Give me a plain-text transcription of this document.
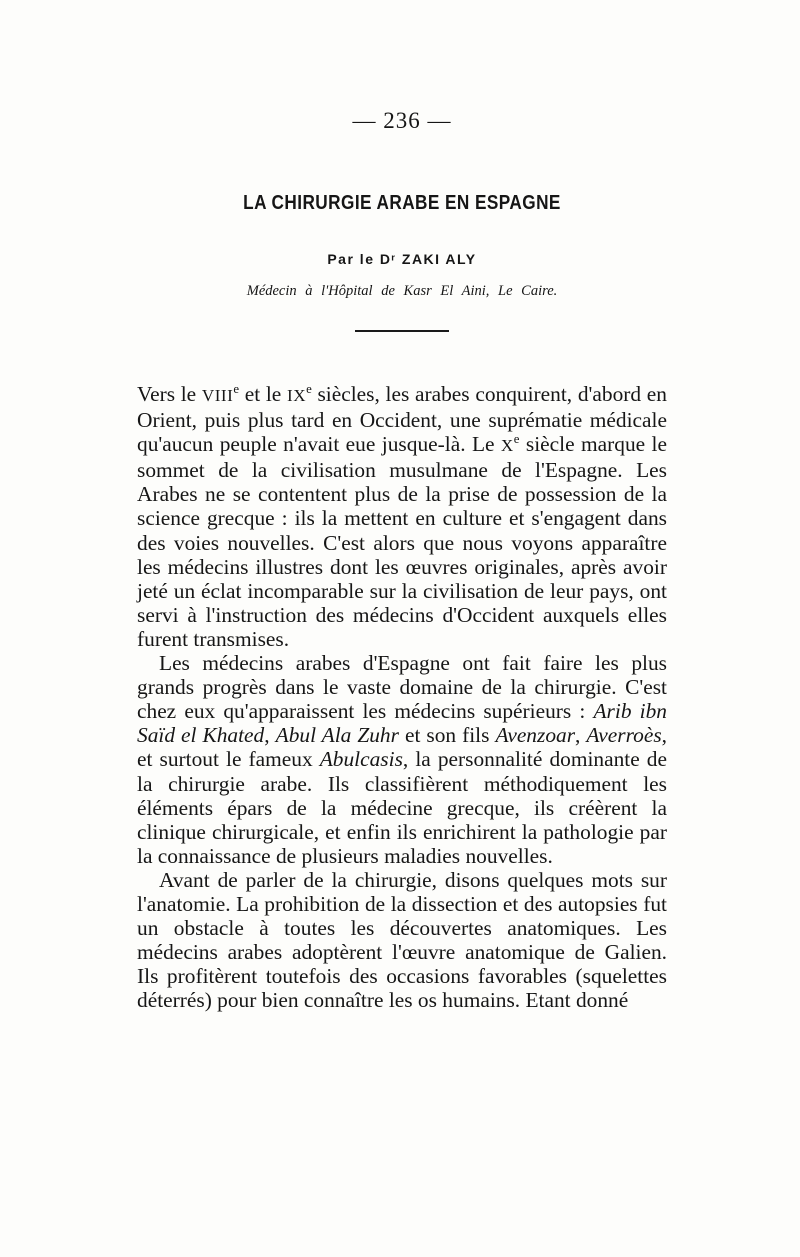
— 236 —
LA CHIRURGIE ARABE EN ESPAGNE
Par le Dʳ ZAKI ALY
Médecin à l'Hôpital de Kasr El Aini, Le Caire.

Vers le VIIIe et le IXe siècles, les arabes conquirent, d'abord en Orient, puis plus tard en Occident, une suprématie médicale qu'aucun peuple n'avait eue jusque-là. Le Xe siècle marque le sommet de la civilisation musulmane de l'Espagne. Les Arabes ne se contentent plus de la prise de possession de la science grecque : ils la mettent en culture et s'engagent dans des voies nouvelles. C'est alors que nous voyons apparaître les médecins illustres dont les œuvres originales, après avoir jeté un éclat incomparable sur la civilisation de leur pays, ont servi à l'instruction des médecins d'Occident auxquels elles furent transmises.

Les médecins arabes d'Espagne ont fait faire les plus grands progrès dans le vaste domaine de la chirurgie. C'est chez eux qu'apparaissent les médecins supérieurs : Arib ibn Saïd el Khated, Abul Ala Zuhr et son fils Avenzoar, Averroès, et surtout le fameux Abulcasis, la personnalité dominante de la chirurgie arabe. Ils classifièrent méthodiquement les éléments épars de la médecine grecque, ils créèrent la clinique chirurgicale, et enfin ils enrichirent la pathologie par la connaissance de plusieurs maladies nouvelles.

Avant de parler de la chirurgie, disons quelques mots sur l'anatomie. La prohibition de la dissection et des autopsies fut un obstacle à toutes les découvertes anatomiques. Les médecins arabes adoptèrent l'œuvre anatomique de Galien. Ils profitèrent toutefois des occasions favorables (squelettes déterrés) pour bien connaître les os humains. Etant donné
